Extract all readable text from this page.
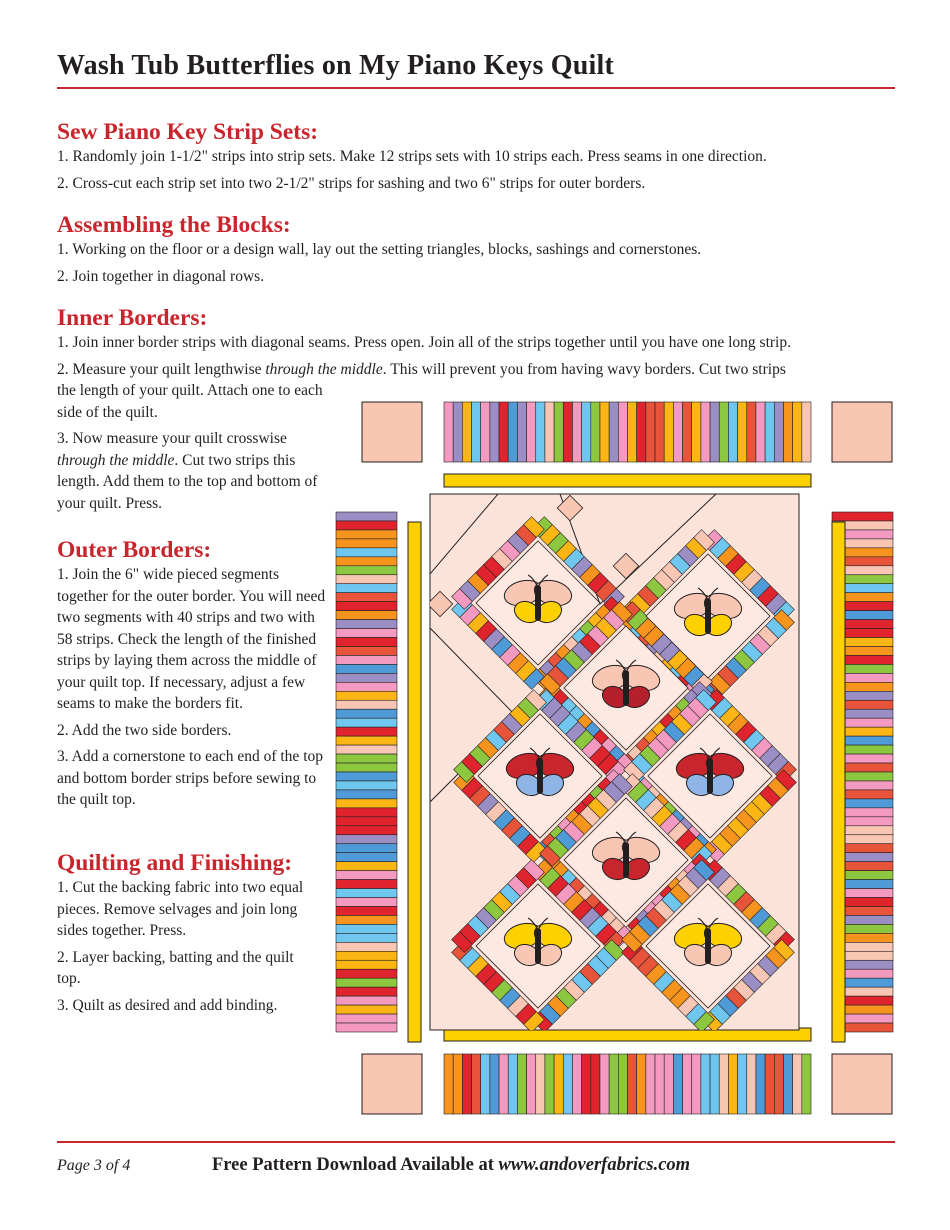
Wash Tub Butterflies on My Piano Keys Quilt
Sew Piano Key Strip Sets:

1. Randomly join 1-1/2" strips into strip sets. Make 12 strips sets with 10 strips each. Press seams in one direction.

2. Cross-cut each strip set into two 2-1/2" strips for sashing and two 6" strips for outer borders.

Assembling the Blocks:

1. Working on the floor or a design wall, lay out the setting triangles, blocks, sashings and cornerstones.

2. Join together in diagonal rows.

Inner Borders:

1. Join inner border strips with diagonal seams. Press open. Join all of the strips together until you have one long strip.

2. Measure your quilt lengthwise through the middle. This will prevent you from having wavy borders. Cut two strips

the length of your quilt. Attach one to each side of the quilt.

3. Now measure your quilt crosswise through the middle. Cut two strips this length. Add them to the top and bottom of your quilt. Press.

Outer Borders:

1. Join the 6" wide pieced segments together for the outer border. You will need two segments with 40 strips and two with 58 strips. Check the length of the finished strips by laying them across the middle of your quilt top. If necessary, adjust a few seams to make the borders fit.

2. Add the two side borders.

3. Add a cornerstone to each end of the top and bottom border strips before sewing to the quilt top.

Quilting and Finishing:

1. Cut the backing fabric into two equal pieces. Remove selvages and join long sides together. Press.

2. Layer backing, batting and the quilt top.

3. Quilt as desired and add binding.

Page 3 of 4	Free Pattern Download Available at www.andoverfabrics.com
